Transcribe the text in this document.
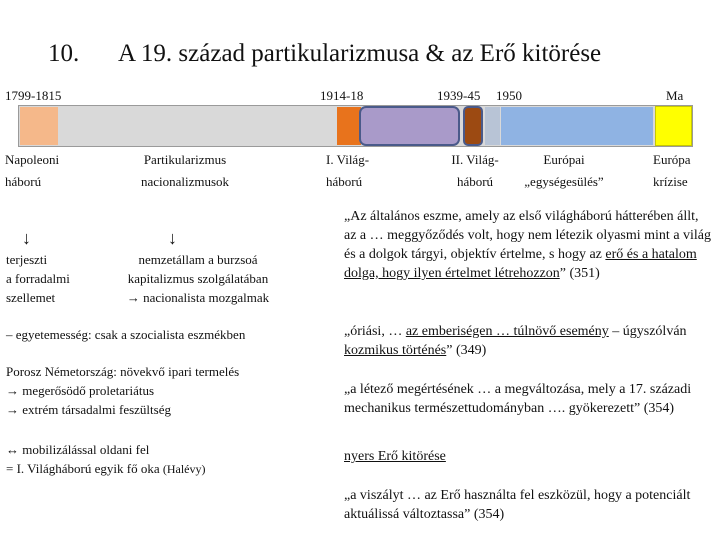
10. A 19. század partikularizmusa & az Erő kitörése
1799-1815	1914-18	1939-45 1950	Ma
Napoleoni
háború
Partikularizmus
nacionalizmusok
I. Világ-
háború
II. Világ-
háború
Európai
„egységesülés”
Európa
krízise
↓	↓
terjeszti
a forradalmi
szellemet
nemzetállam a burzsoá
kapitalizmus szolgálatában
→ nacionalista mozgalmak
– egyetemesség: csak a szocialista eszmékben
Porosz Németország: növekvő ipari termelés
→ megerősödő proletariátus
→ extrém társadalmi feszültség
↔ mobilizálással oldani fel
= I. Világháború egyik fő oka (Halévy)
„Az általános eszme, amely az első világháború hátterében állt, az a … meggyőződés volt, hogy nem létezik olyasmi mint a világ és a dolgok tárgyi, objektív értelme, s hogy az erő és a hatalom dolga, hogy ilyen értelmet létrehozzon” (351)
„óriási, … az emberiségen … túlnövő esemény – úgyszólván kozmikus történés” (349)
„a létező megértésének … a megváltozása, mely a 17. századi mechanikus természettudományban …. gyökerezett” (354)
nyers Erő kitörése
„a viszályt … az Erő használta fel eszközül, hogy a potenciált aktuálissá változtassa” (354)
